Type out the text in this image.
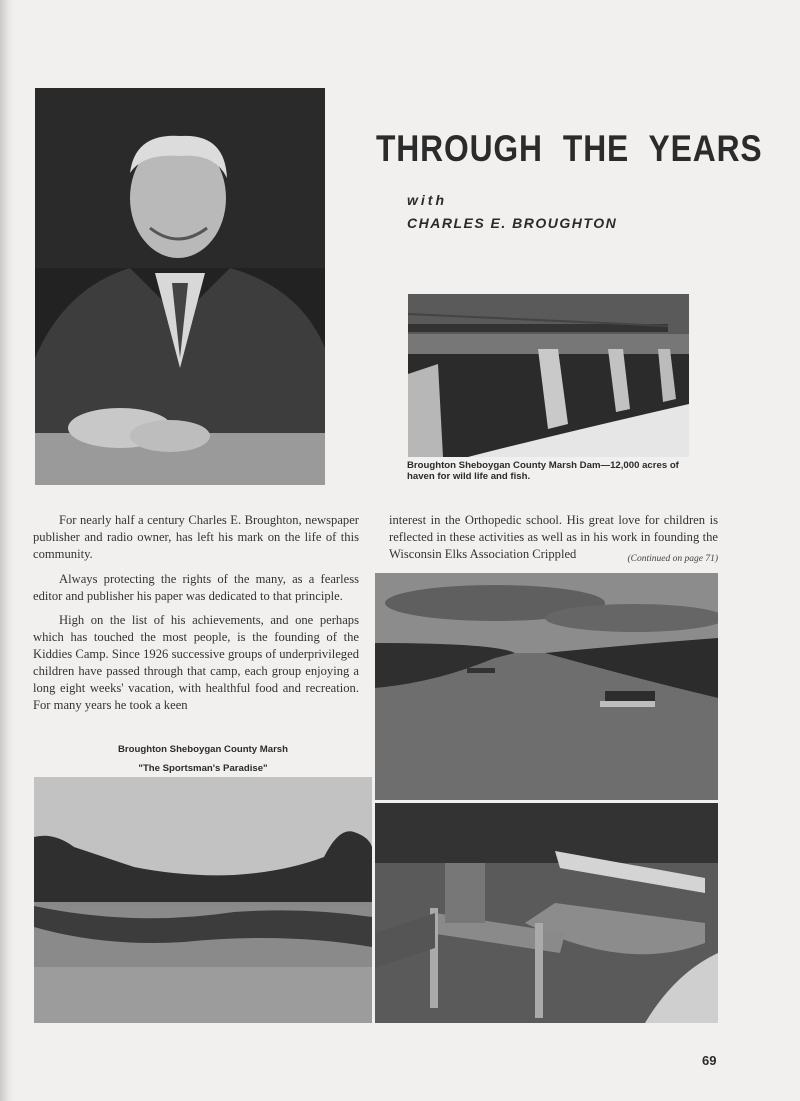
THROUGH THE YEARS
with
CHARLES E. BROUGHTON
Broughton Sheboygan County Marsh Dam—12,000 acres of haven for wild life and fish.

For nearly half a century Charles E. Broughton, newspaper publisher and radio owner, has left his mark on the life of this community.

Always protecting the rights of the many, as a fearless editor and publisher his paper was dedicated to that principle.

High on the list of his achievements, and one perhaps which has touched the most people, is the founding of the Kiddies Camp. Since 1926 successive groups of underprivileged children have passed through that camp, each group enjoying a long eight weeks' vacation, with healthful food and recreation. For many years he took a keen

interest in the Orthopedic school. His great love for children is reflected in these activities as well as in his work in founding the Wisconsin Elks Association Crippled	(Continued on page 71)
Broughton Sheboygan County Marsh
"The Sportsman's Paradise"
69
